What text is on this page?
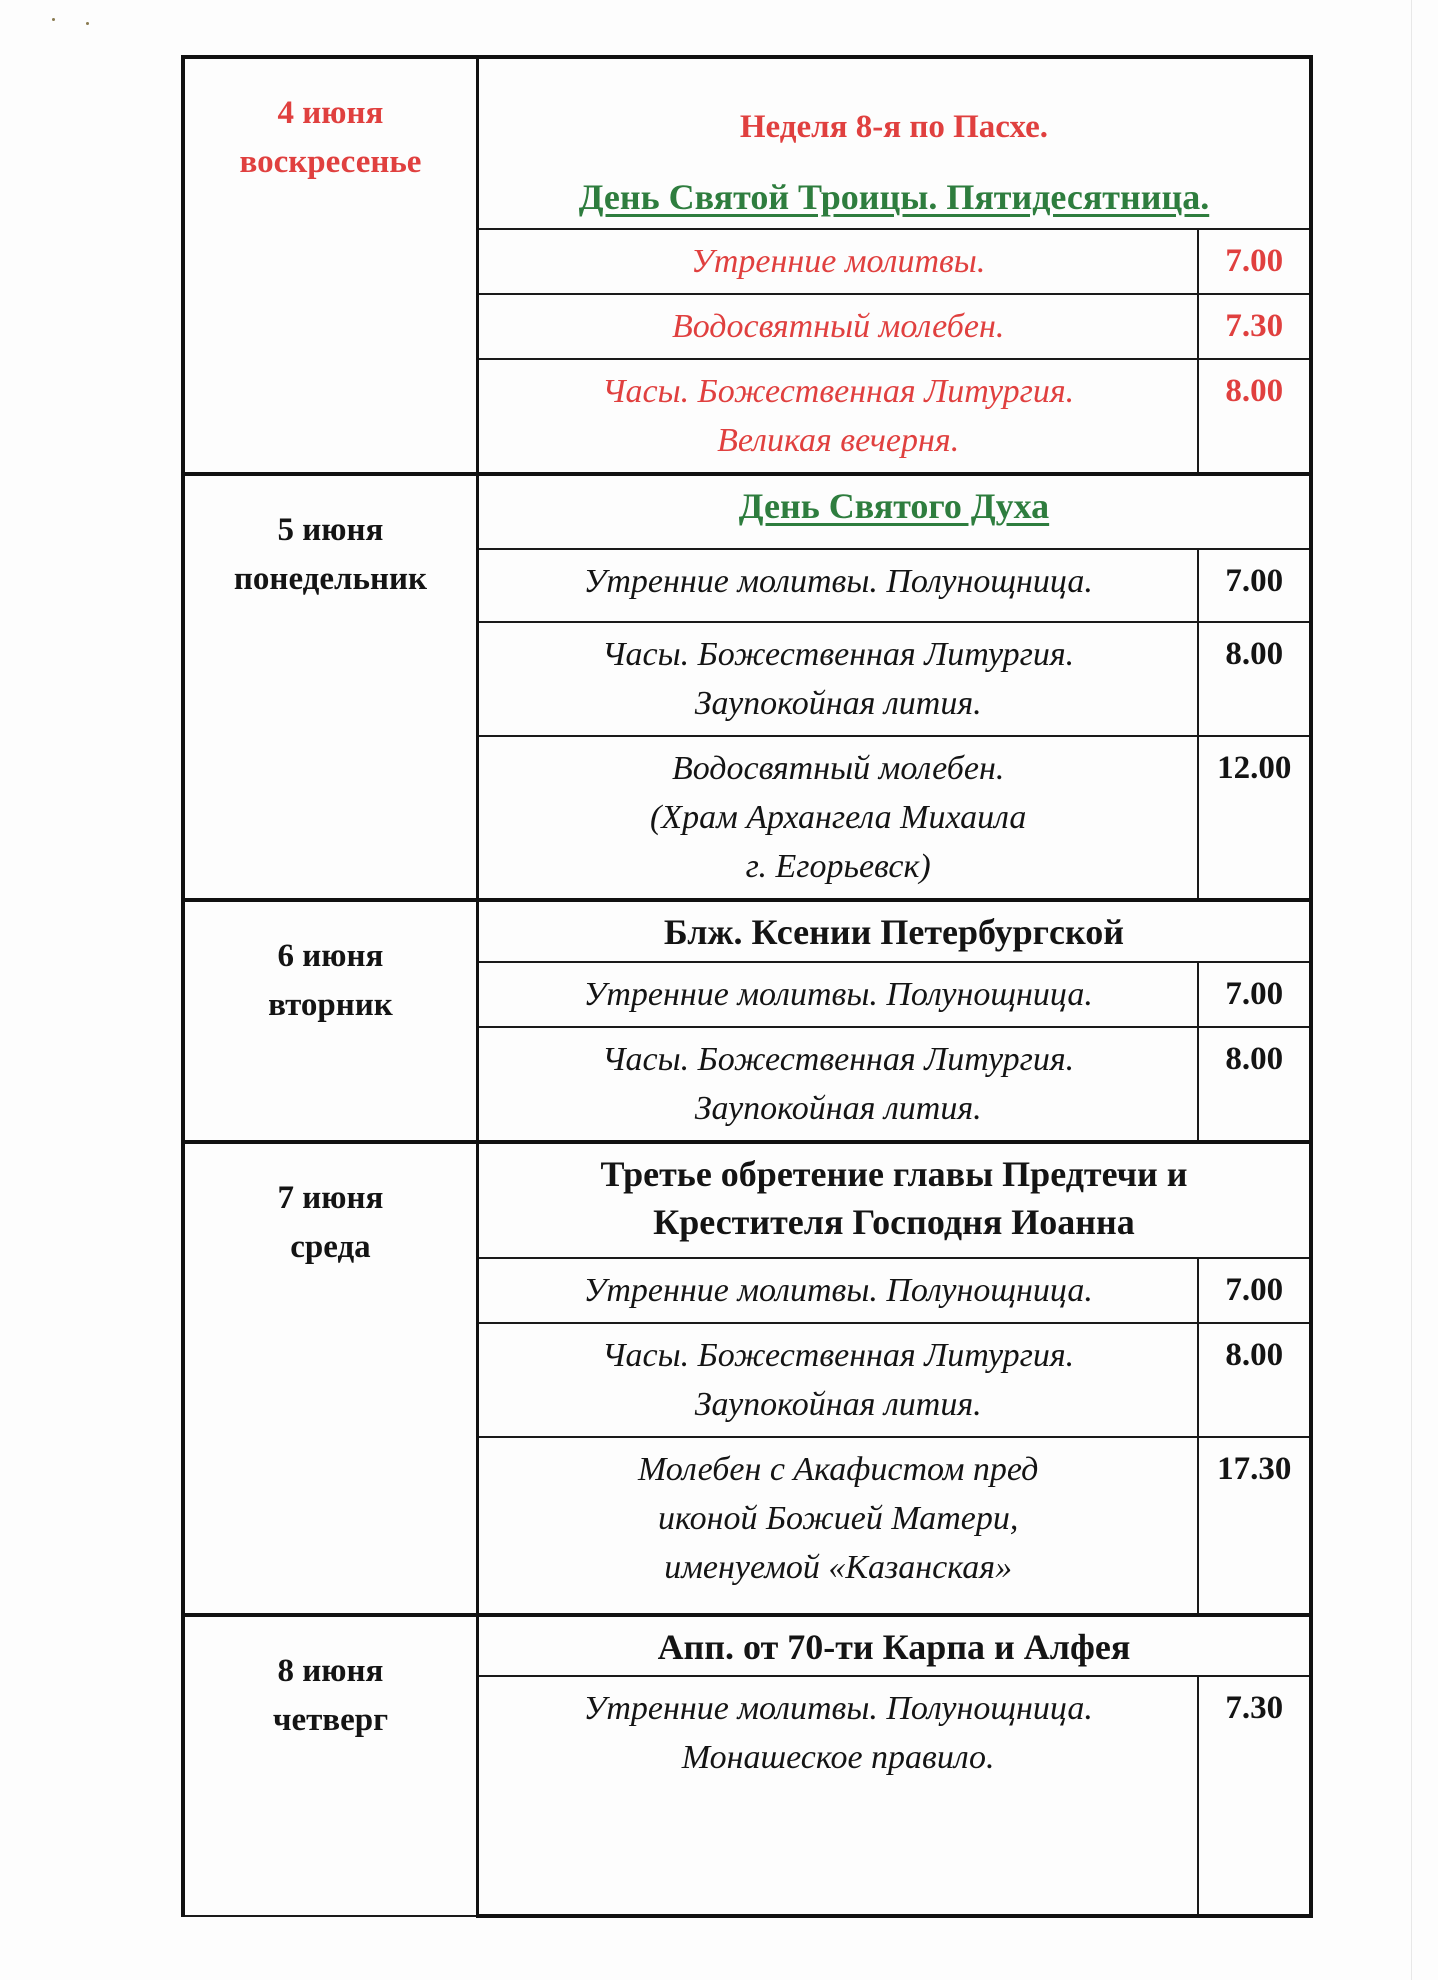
4 июня
воскресенье	Неделя 8-я по Пасхе.
День Святой Троицы. Пятидесятница.	

	Утренние молитвы.	7.00

	Водосвятный молебен.	7.30

	Часы. Божественная Литургия.
Великая вечерня.	8.00

5 июня
понедельник	День Святого Духа	

	Утренние молитвы. Полунощница.	7.00

	Часы. Божественная Литургия.
Заупокойная лития.	8.00

	Водосвятный молебен.
(Храм Архангела Михаила
г. Егорьевск)	12.00

6 июня
вторник	Блж. Ксении Петербургской	

	Утренние молитвы. Полунощница.	7.00

	Часы. Божественная Литургия.
Заупокойная лития.	8.00

7 июня
среда	Третье обретение главы Предтечи и
Крестителя Господня Иоанна	

	Утренние молитвы. Полунощница.	7.00

	Часы. Божественная Литургия.
Заупокойная лития.	8.00

	Молебен с Акафистом пред
иконой Божией Матери,
именуемой «Казанская»	17.30

8 июня
четверг	Апп. от 70-ти Карпа и Алфея	

	Утренние молитвы. Полунощница.
Монашеское правило.	7.30
